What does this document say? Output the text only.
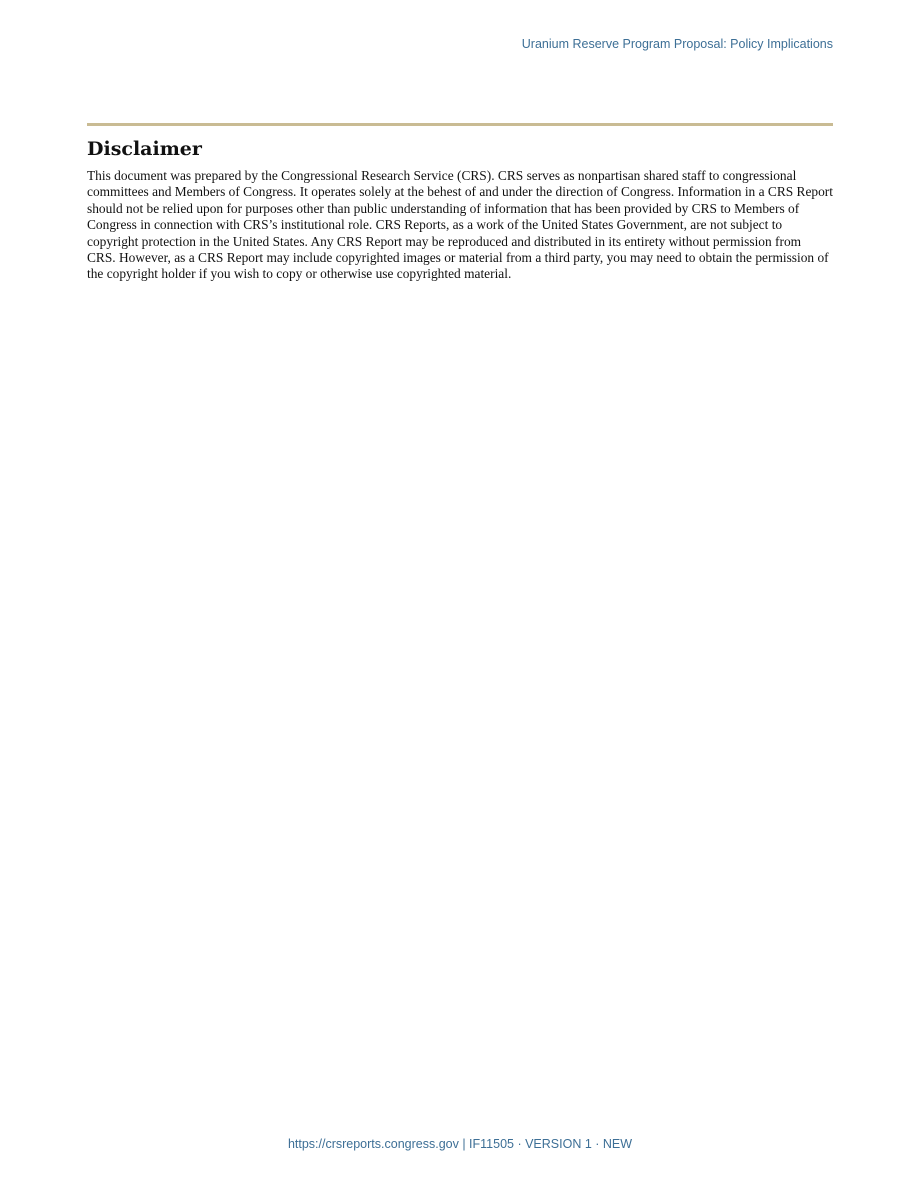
Uranium Reserve Program Proposal: Policy Implications
Disclaimer

This document was prepared by the Congressional Research Service (CRS). CRS serves as nonpartisan shared staff to congressional committees and Members of Congress. It operates solely at the behest of and under the direction of Congress. Information in a CRS Report should not be relied upon for purposes other than public understanding of information that has been provided by CRS to Members of Congress in connection with CRS’s institutional role. CRS Reports, as a work of the United States Government, are not subject to copyright protection in the United States. Any CRS Report may be reproduced and distributed in its entirety without permission from CRS. However, as a CRS Report may include copyrighted images or material from a third party, you may need to obtain the permission of the copyright holder if you wish to copy or otherwise use copyrighted material.

https://crsreports.congress.gov | IF11505 · VERSION 1 · NEW
